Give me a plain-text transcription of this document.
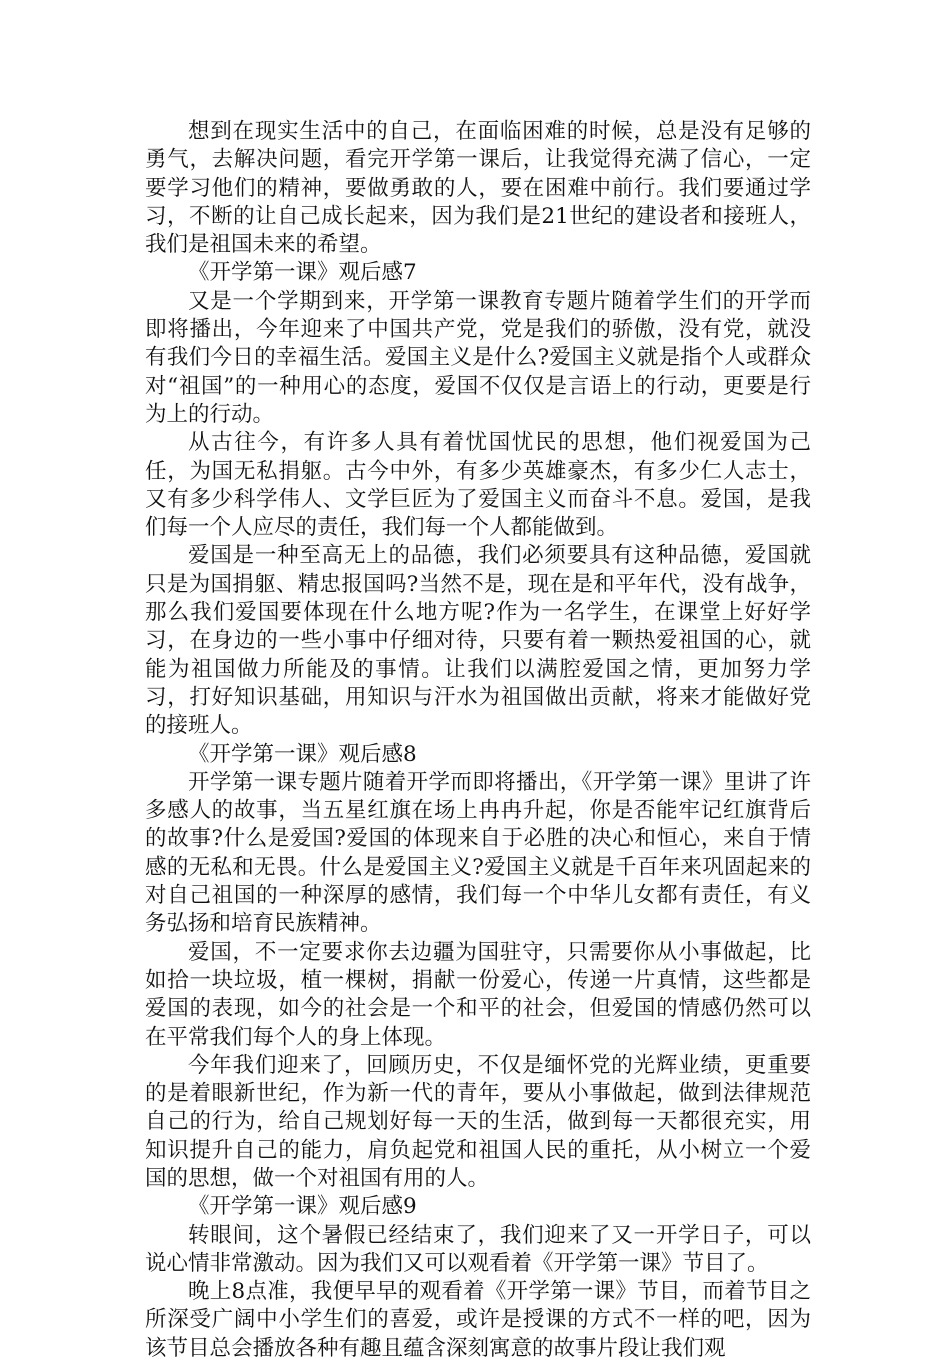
想到在现实生活中的自己，在面临困难的时候，总是没有足够的勇气，去解决问题，看完开学第一课后，让我觉得充满了信心，一定要学习他们的精神，要做勇敢的人，要在困难中前行。我们要通过学习，不断的让自己成长起来，因为我们是21世纪的建设者和接班人，我们是祖国未来的希望。

《开学第一课》观后感7

又是一个学期到来，开学第一课教育专题片随着学生们的开学而即将播出，今年迎来了中国共产党，党是我们的骄傲，没有党，就没有我们今日的幸福生活。爱国主义是什么?爱国主义就是指个人或群众对“祖国”的一种用心的态度，爱国不仅仅是言语上的行动，更要是行为上的行动。

从古往今，有许多人具有着忧国忧民的思想，他们视爱国为己任，为国无私捐躯。古今中外，有多少英雄豪杰，有多少仁人志士，又有多少科学伟人、文学巨匠为了爱国主义而奋斗不息。爱国，是我们每一个人应尽的责任，我们每一个人都能做到。

爱国是一种至高无上的品德，我们必须要具有这种品德，爱国就只是为国捐躯、精忠报国吗?当然不是，现在是和平年代，没有战争，那么我们爱国要体现在什么地方呢?作为一名学生，在课堂上好好学习，在身边的一些小事中仔细对待，只要有着一颗热爱祖国的心，就能为祖国做力所能及的事情。让我们以满腔爱国之情，更加努力学习，打好知识基础，用知识与汗水为祖国做出贡献，将来才能做好党的接班人。

《开学第一课》观后感8

开学第一课专题片随着开学而即将播出，《开学第一课》里讲了许多感人的故事，当五星红旗在场上冉冉升起，你是否能牢记红旗背后的故事?什么是爱国?爱国的体现来自于必胜的决心和恒心，来自于情感的无私和无畏。什么是爱国主义?爱国主义就是千百年来巩固起来的对自己祖国的一种深厚的感情，我们每一个中华儿女都有责任，有义务弘扬和培育民族精神。

爱国，不一定要求你去边疆为国驻守，只需要你从小事做起，比如拾一块垃圾，植一棵树，捐献一份爱心，传递一片真情，这些都是爱国的表现，如今的社会是一个和平的社会，但爱国的情感仍然可以在平常我们每个人的身上体现。

今年我们迎来了，回顾历史，不仅是缅怀党的光辉业绩，更重要的是着眼新世纪，作为新一代的青年，要从小事做起，做到法律规范自己的行为，给自己规划好每一天的生活，做到每一天都很充实，用知识提升自己的能力，肩负起党和祖国人民的重托，从小树立一个爱国的思想，做一个对祖国有用的人。

《开学第一课》观后感9

转眼间，这个暑假已经结束了，我们迎来了又一开学日子，可以说心情非常激动。因为我们又可以观看着《开学第一课》节目了。

晚上8点准，我便早早的观看着《开学第一课》节目，而着节目之所深受广阔中小学生们的喜爱，或许是授课的方式不一样的吧，因为该节目总会播放各种有趣且蕴含深刻寓意的故事片段让我们观
